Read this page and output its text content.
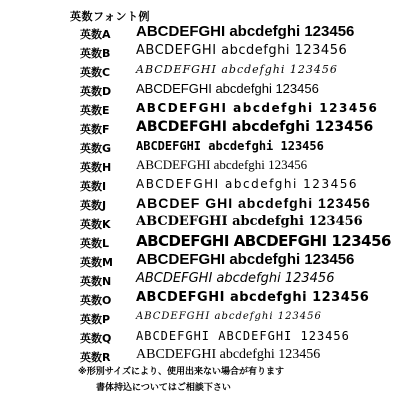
英数フォント例
英数A ABCDEFGHI abcdefghi 123456
英数B ABCDEFGHI abcdefghi 123456
英数C ABCDEFGHI abcdefghi 123456
英数D ABCDEFGHI abcdefghi 123456
英数E ABCDEFGHI abcdefghi 123456
英数F ABCDEFGHI abcdefghi 123456
英数G ABCDEFGHI abcdefghi 123456
英数H ABCDEFGHI abcdefghi 123456
英数I ABCDEFGHI abcdefghi 123456
英数J ABCDEF GHI abcdefghi 123456
英数K ABCDEFGHI abcdefghi 123456
英数L ABCDEFGHI ABCDEFGHI 123456
英数M ABCDEFGHI abcdefghi 123456
英数N ABCDEFGHI abcdefghi 123456
英数O ABCDEFGHI abcdefghi 123456
英数P	ABCDEFGHI abcdefghi 123456
英数Q ABCDEFGHI ABCDEFGHI 123456
英数R ABCDEFGHI abcdefghi 123456
※形別サイズにより、使用出来ない場合が有ります
書体持込についてはご相談下さい
